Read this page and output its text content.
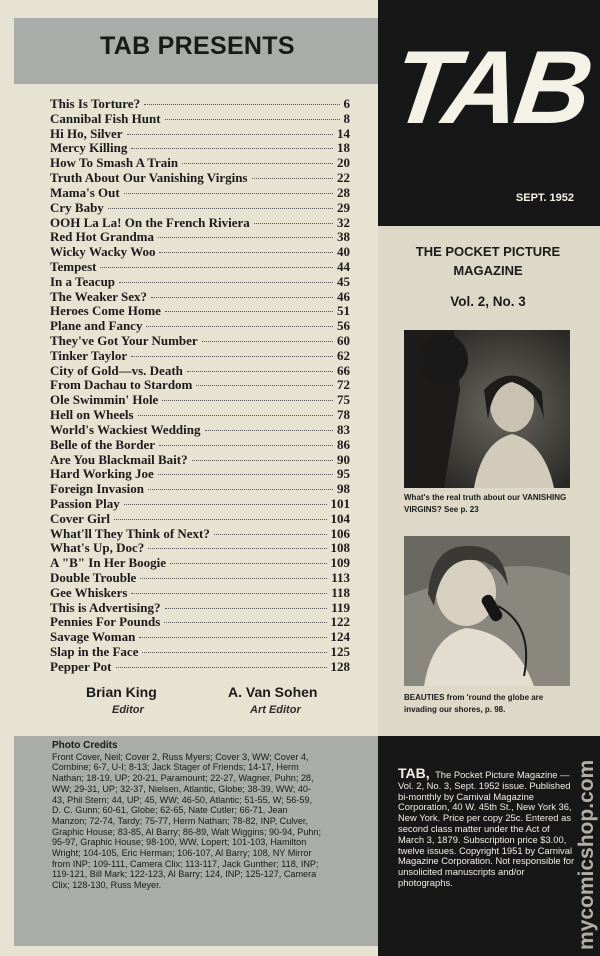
TAB PRESENTS
This Is Torture?	6
Cannibal Fish Hunt	8
Hi Ho, Silver	14
Mercy Killing	18
How To Smash A Train	20
Truth About Our Vanishing Virgins	22
Mama's Out	28
Cry Baby	29
OOH La La! On the French Riviera	32
Red Hot Grandma	38
Wicky Wacky Woo	40
Tempest	44
In a Teacup	45
The Weaker Sex?	46
Heroes Come Home	51
Plane and Fancy	56
They've Got Your Number	60
Tinker Taylor	62
City of Gold—vs. Death	66
From Dachau to Stardom	72
Ole Swimmin' Hole	75
Hell on Wheels	78
World's Wackiest Wedding	83
Belle of the Border	86
Are You Blackmail Bait?	90
Hard Working Joe	95
Foreign Invasion	98
Passion Play	101
Cover Girl	104
What'll They Think of Next?	106
What's Up, Doc?	108
A "B" In Her Boogie	109
Double Trouble	113
Gee Whiskers	118
This is Advertising?	119
Pennies For Pounds	122
Savage Woman	124
Slap in the Face	125
Pepper Pot	128
Brian King
Editor
A. Van Sohen
Art Editor
Photo Credits
Front Cover, Neil; Cover 2, Russ Myers; Cover 3, WW; Cover 4, Combine; 6-7, U-I; 8-13; Jack Stager of Friends; 14-17, Herm Nathan; 18-19, UP; 20-21, Paramount; 22-27, Wagner, Puhn; 28, WW; 29-31, UP; 32-37, Nielsen, Atlantic, Globe; 38-39, WW; 40-43, Phil Stern; 44, UP; 45, WW; 46-50, Atlantic; 51-55, W; 56-59, D. C. Gunn; 60-61, Globe; 62-65, Nate Cutler; 66-71, Jean Manzon; 72-74, Tardy; 75-77, Herm Nathan; 78-82, INP, Culver, Graphic House; 83-85, Al Barry; 86-89, Walt Wiggins; 90-94, Puhn; 95-97, Graphic House; 98-100, WW, Lopert; 101-103, Hamilton Wright; 104-105, Eric Herman; 106-107, Al Barry; 108, NY Mirror from INP; 109-111, Camera Clix; 113-117, Jack Gunther; 118, INP; 119-121, Bill Mark; 122-123, Al Barry; 124, INP; 125-127, Camera Clix; 128-130, Russ Meyer.
TAB
SEPT. 1952
THE POCKET PICTURE
MAGAZINE
Vol. 2, No. 3
What's the real truth about our VANISHING VIRGINS? See p. 23
BEAUTIES from 'round the globe are invading our shores, p. 98.
TAB, The Pocket Picture Magazine — Vol. 2, No. 3, Sept. 1952 issue. Published bi-monthly by Carnival Magazine Corporation, 40 W. 45th St., New York 36, New York. Price per copy 25c. Entered as second class matter under the Act of March 3, 1879. Subscription price $3.00, twelve issues. Copyright 1951 by Carnival Magazine Corporation. Not responsible for unsolicited manuscripts and/or photographs.	mycomicshop.com
